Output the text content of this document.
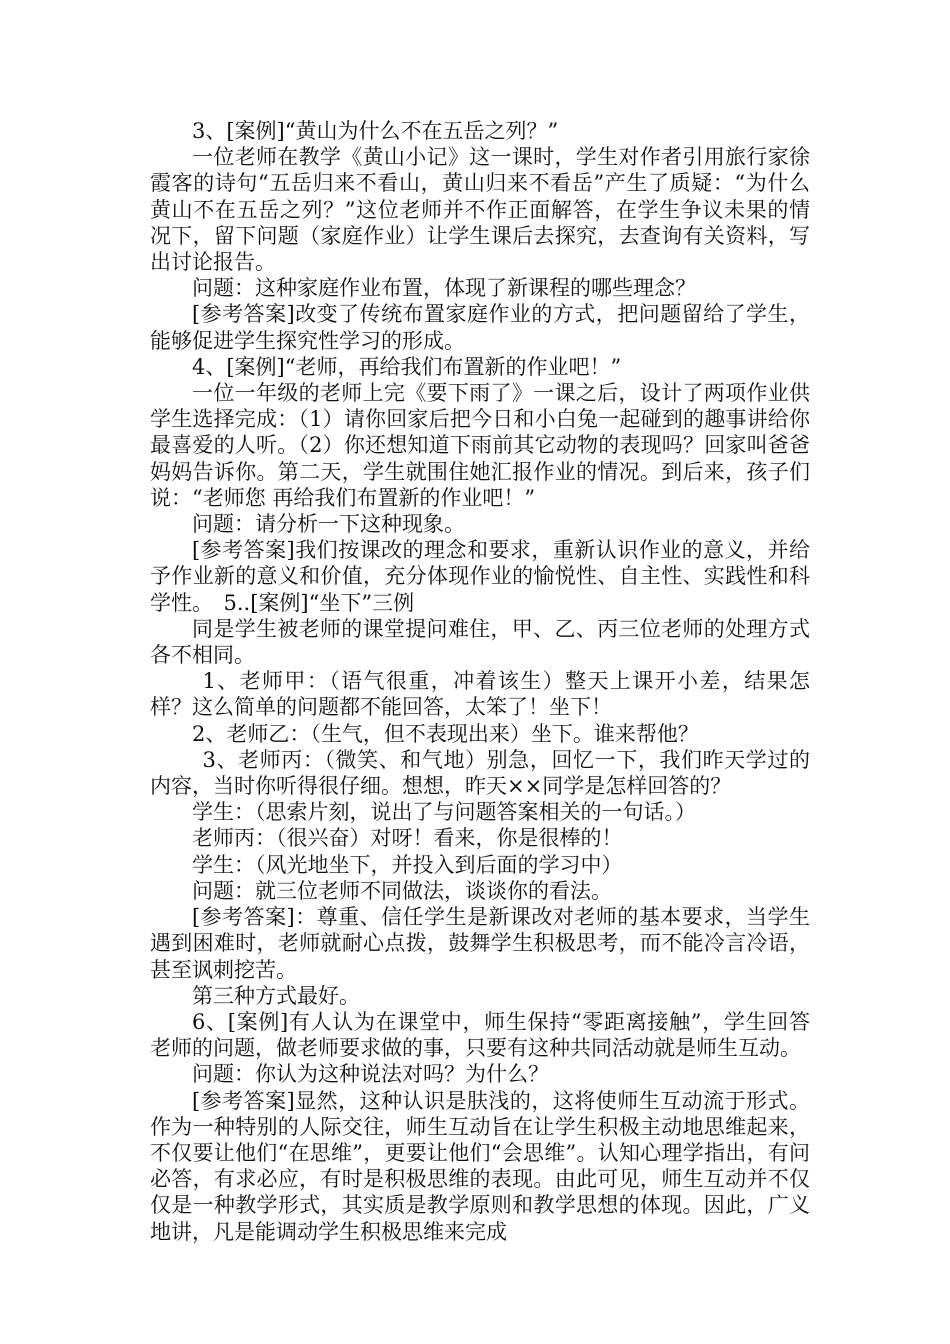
3、[案例]“黄山为什么不在五岳之列？”

一位老师在教学《黄山小记》这一课时，学生对作者引用旅行家徐霞客的诗句“五岳归来不看山，黄山归来不看岳”产生了质疑：“为什么黄山不在五岳之列？”这位老师并不作正面解答，在学生争议未果的情况下，留下问题（家庭作业）让学生课后去探究，去查询有关资料，写出讨论报告。

问题：这种家庭作业布置，体现了新课程的哪些理念？

[参考答案]改变了传统布置家庭作业的方式，把问题留给了学生，能够促进学生探究性学习的形成。

4、[案例]“老师，再给我们布置新的作业吧！”

一位一年级的老师上完《要下雨了》一课之后，设计了两项作业供学生选择完成：（1）请你回家后把今日和小白兔一起碰到的趣事讲给你最喜爱的人听。（2）你还想知道下雨前其它动物的表现吗？回家叫爸爸妈妈告诉你。第二天，学生就围住她汇报作业的情况。到后来，孩子们说：“老师您 再给我们布置新的作业吧！”

问题：请分析一下这种现象。

[参考答案]我们按课改的理念和要求，重新认识作业的意义，并给予作业新的意义和价值，充分体现作业的愉悦性、自主性、实践性和科学性。　5..[案例]“坐下”三例

同是学生被老师的课堂提问难住，甲、乙、丙三位老师的处理方式各不相同。

1、老师甲：（语气很重，冲着该生）整天上课开小差，结果怎样？这么简单的问题都不能回答，太笨了！坐下！

2、老师乙：（生气，但不表现出来）坐下。谁来帮他？

3、老师丙：（微笑、和气地）别急，回忆一下，我们昨天学过的内容，当时你听得很仔细。想想，昨天××同学是怎样回答的？

学生：（思索片刻，说出了与问题答案相关的一句话。）

老师丙：（很兴奋）对呀！看来，你是很棒的！

学生：（风光地坐下，并投入到后面的学习中）

问题：就三位老师不同做法，谈谈你的看法。

[参考答案]：尊重、信任学生是新课改对老师的基本要求，当学生遇到困难时，老师就耐心点拨，鼓舞学生积极思考，而不能冷言冷语，甚至讽刺挖苦。

第三种方式最好。

6、[案例]有人认为在课堂中，师生保持“零距离接触”，学生回答老师的问题，做老师要求做的事，只要有这种共同活动就是师生互动。

问题：你认为这种说法对吗？为什么？

[参考答案]显然，这种认识是肤浅的，这将使师生互动流于形式。作为一种特别的人际交往，师生互动旨在让学生积极主动地思维起来，不仅要让他们“在思维”，更要让他们“会思维”。认知心理学指出，有问必答，有求必应，有时是积极思维的表现。由此可见，师生互动并不仅仅是一种教学形式，其实质是教学原则和教学思想的体现。因此，广义地讲，凡是能调动学生积极思维来完成
